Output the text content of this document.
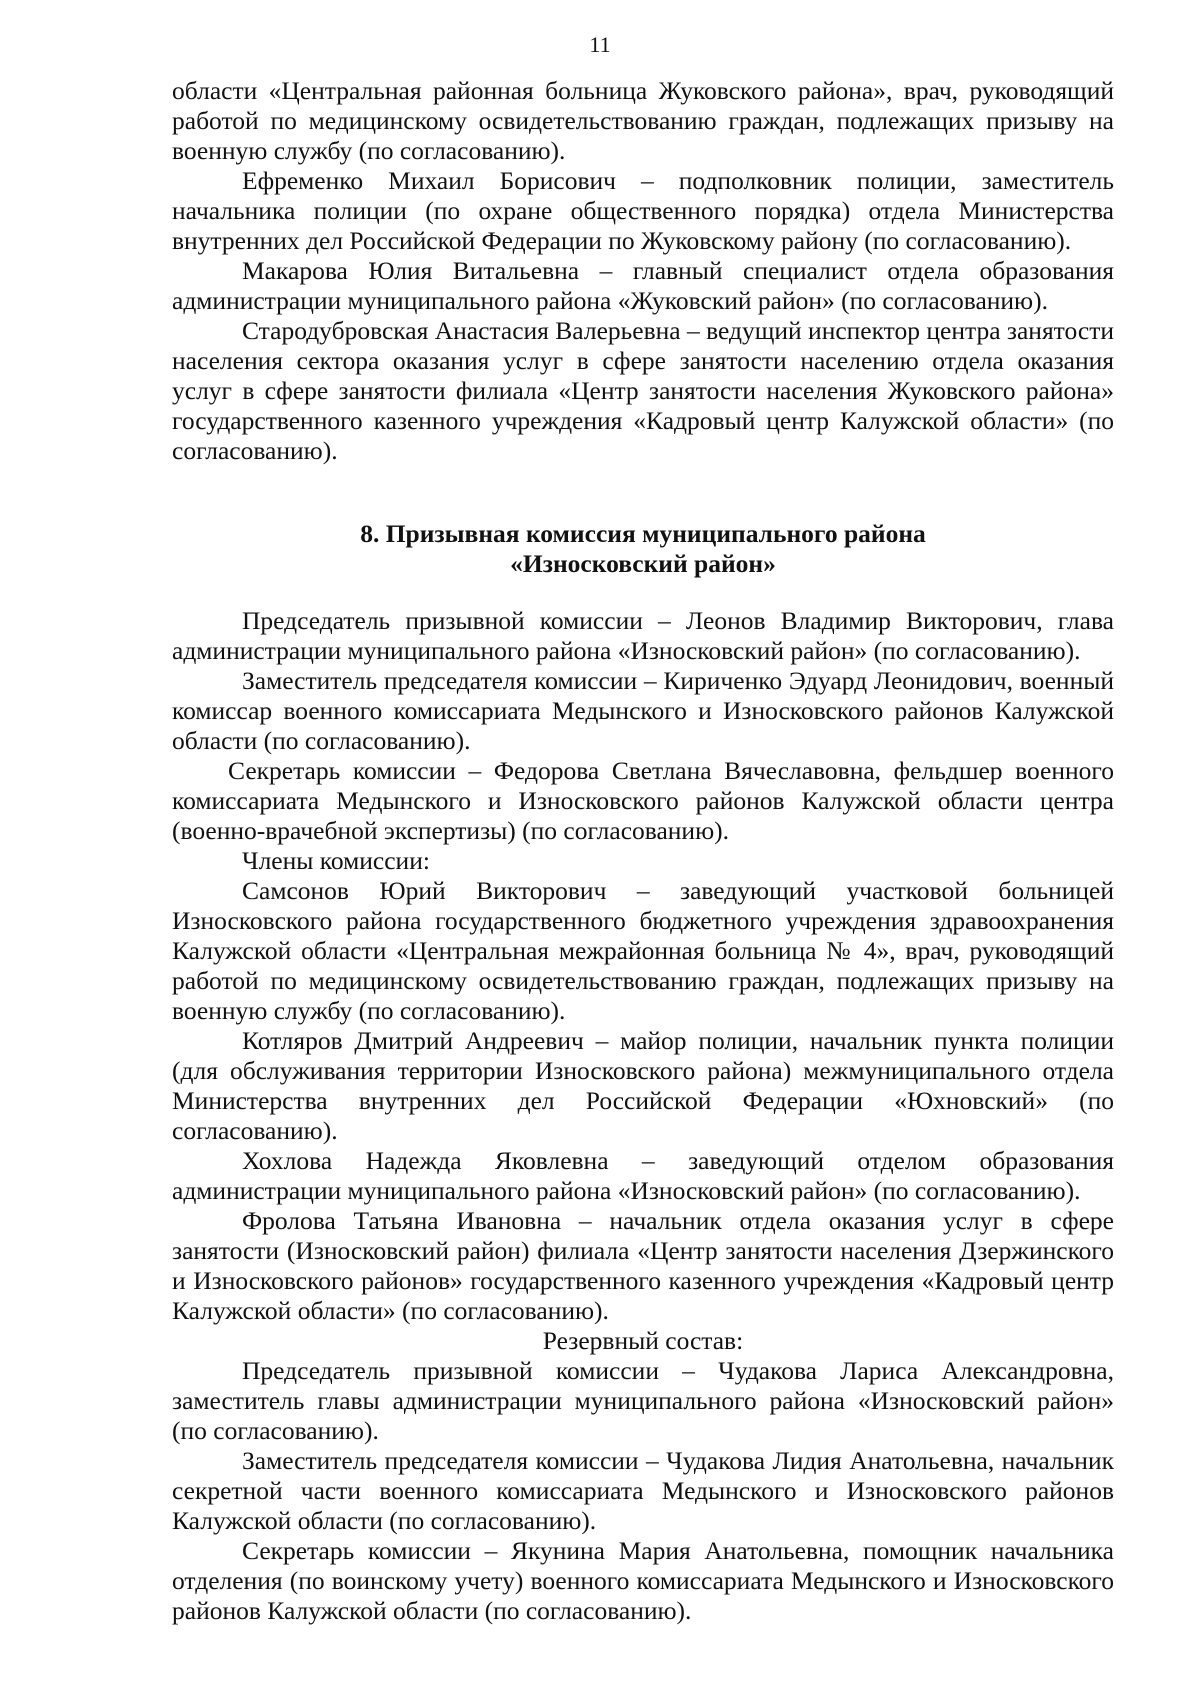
11

области «Центральная районная больница Жуковского района», врач, руководящий работой по медицинскому освидетельствованию граждан, подлежащих призыву на военную службу (по согласованию).

Ефременко Михаил Борисович – подполковник полиции, заместитель начальника полиции (по охране общественного порядка) отдела Министерства внутренних дел Российской Федерации по Жуковскому району (по согласованию).

Макарова Юлия Витальевна – главный специалист отдела образования администрации муниципального района «Жуковский район» (по согласованию).

Стародубровская Анастасия Валерьевна – ведущий инспектор центра занятости населения сектора оказания услуг в сфере занятости населению отдела оказания услуг в сфере занятости филиала «Центр занятости населения Жуковского района» государственного казенного учреждения «Кадровый центр Калужской области» (по согласованию).

8. Призывная комиссия муниципального района
«Износковский район»

Председатель призывной комиссии – Леонов Владимир Викторович, глава администрации муниципального района «Износковский район» (по согласованию).

Заместитель председателя комиссии – Кириченко Эдуард Леонидович, военный комиссар военного комиссариата Медынского и Износковского районов Калужской области (по согласованию).

Секретарь комиссии – Федорова Светлана Вячеславовна, фельдшер военного комиссариата Медынского и Износковского районов Калужской области центра (военно-врачебной экспертизы) (по согласованию).

Члены комиссии:

Самсонов Юрий Викторович – заведующий участковой больницей Износковского района государственного бюджетного учреждения здравоохранения Калужской области «Центральная межрайонная больница № 4», врач, руководящий работой по медицинскому освидетельствованию граждан, подлежащих призыву на военную службу (по согласованию).

Котляров Дмитрий Андреевич – майор полиции, начальник пункта полиции (для обслуживания территории Износковского района) межмуниципального отдела Министерства внутренних дел Российской Федерации «Юхновский» (по согласованию).

Хохлова Надежда Яковлевна – заведующий отделом образования администрации муниципального района «Износковский район» (по согласованию).

Фролова Татьяна Ивановна – начальник отдела оказания услуг в сфере занятости (Износковский район) филиала «Центр занятости населения Дзержинского и Износковского районов» государственного казенного учреждения «Кадровый центр Калужской области» (по согласованию).

Резервный состав:

Председатель призывной комиссии – Чудакова Лариса Александровна, заместитель главы администрации муниципального района «Износковский район» (по согласованию).

Заместитель председателя комиссии – Чудакова Лидия Анатольевна, начальник секретной части военного комиссариата Медынского и Износковского районов Калужской области (по согласованию).

Секретарь комиссии – Якунина Мария Анатольевна, помощник начальника отделения (по воинскому учету) военного комиссариата Медынского и Износковского районов Калужской области (по согласованию).
